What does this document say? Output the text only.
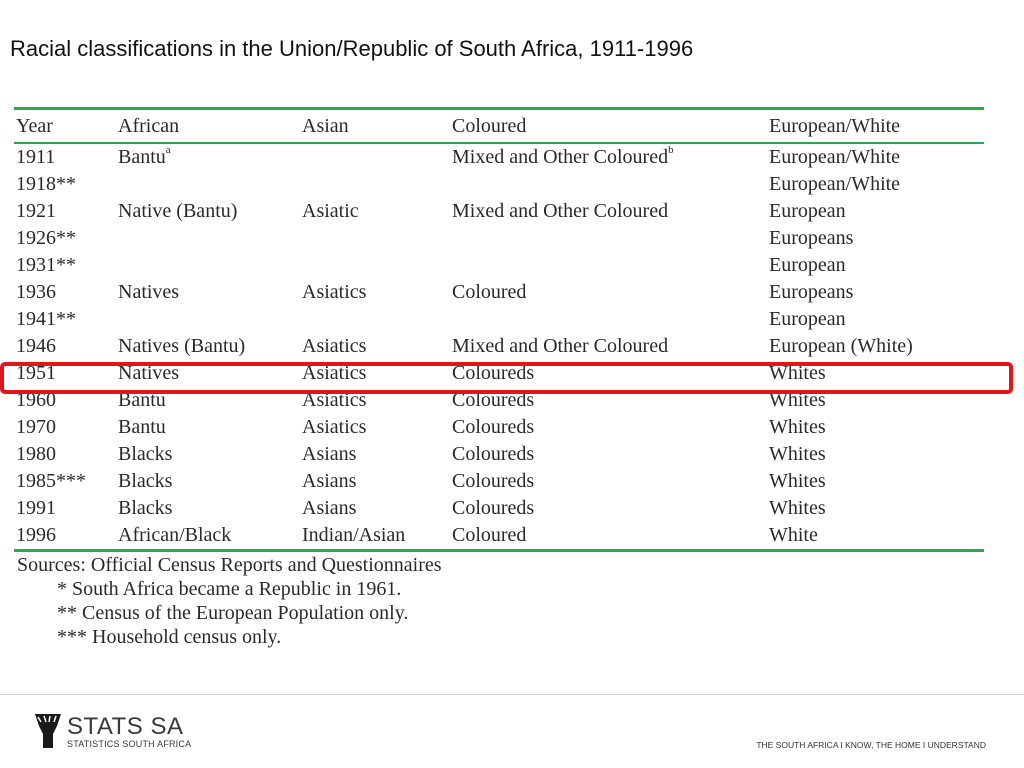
Racial classifications in the Union/Republic of South Africa, 1911-1996
Year	African	Asian	Coloured	European/White

1911	Bantu$^a$		Mixed and Other Coloured$^b$	European/White
1918**				European/White
1921	Native (Bantu)	Asiatic	Mixed and Other Coloured	European
1926**				Europeans
1931**				European
1936	Natives	Asiatics	Coloured	Europeans
1941**				European
1946	Natives (Bantu)	Asiatics	Mixed and Other Coloured	European (White)
1951	Natives	Asiatics	Coloureds	Whites
1960	Bantu	Asiatics	Coloureds	Whites
1970	Bantu	Asiatics	Coloureds	Whites
1980	Blacks	Asians	Coloureds	Whites
1985***	Blacks	Asians	Coloureds	Whites
1991	Blacks	Asians	Coloureds	Whites
1996	African/Black	Indian/Asian	Coloured	White
Sources: Official Census Reports and Questionnaires
* South Africa became a Republic in 1961.
** Census of the European Population only.
*** Household census only.
STATS SA
STATISTICS SOUTH AFRICA	THE SOUTH AFRICA I KNOW, THE HOME I UNDERSTAND
